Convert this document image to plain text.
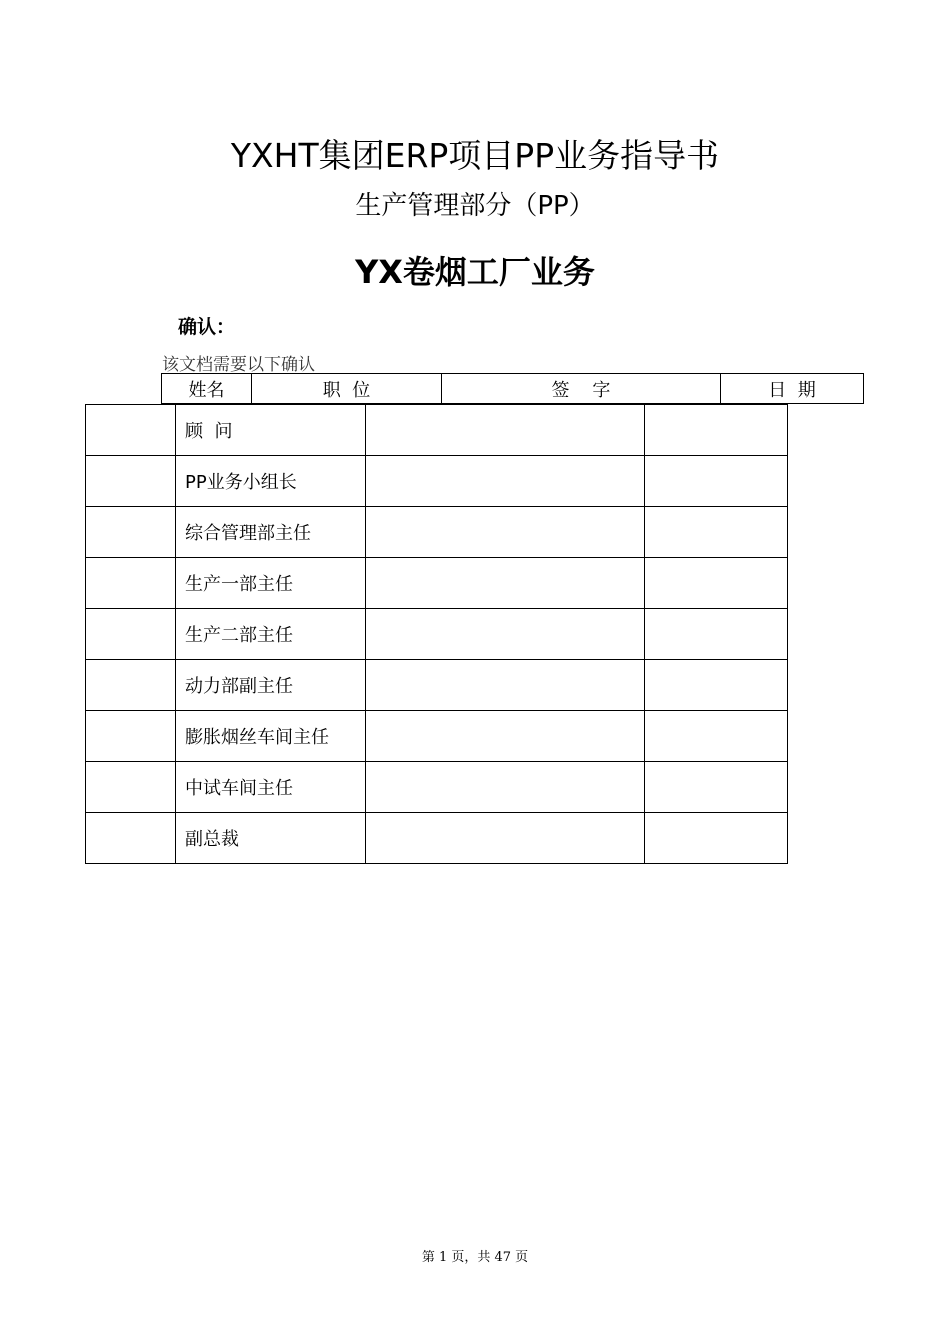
YXHT集团ERP项目PP业务指导书
生产管理部分（PP）
YX卷烟工厂业务
确认：
该文档需要以下确认
姓名	职  位	签    字	日  期
	顾  问		
	PP业务小组长		
	综合管理部主任		
	生产一部主任		
	生产二部主任		
	动力部副主任		
	膨胀烟丝车间主任		
	中试车间主任		
	副总裁		
第 1 页，共 47 页
